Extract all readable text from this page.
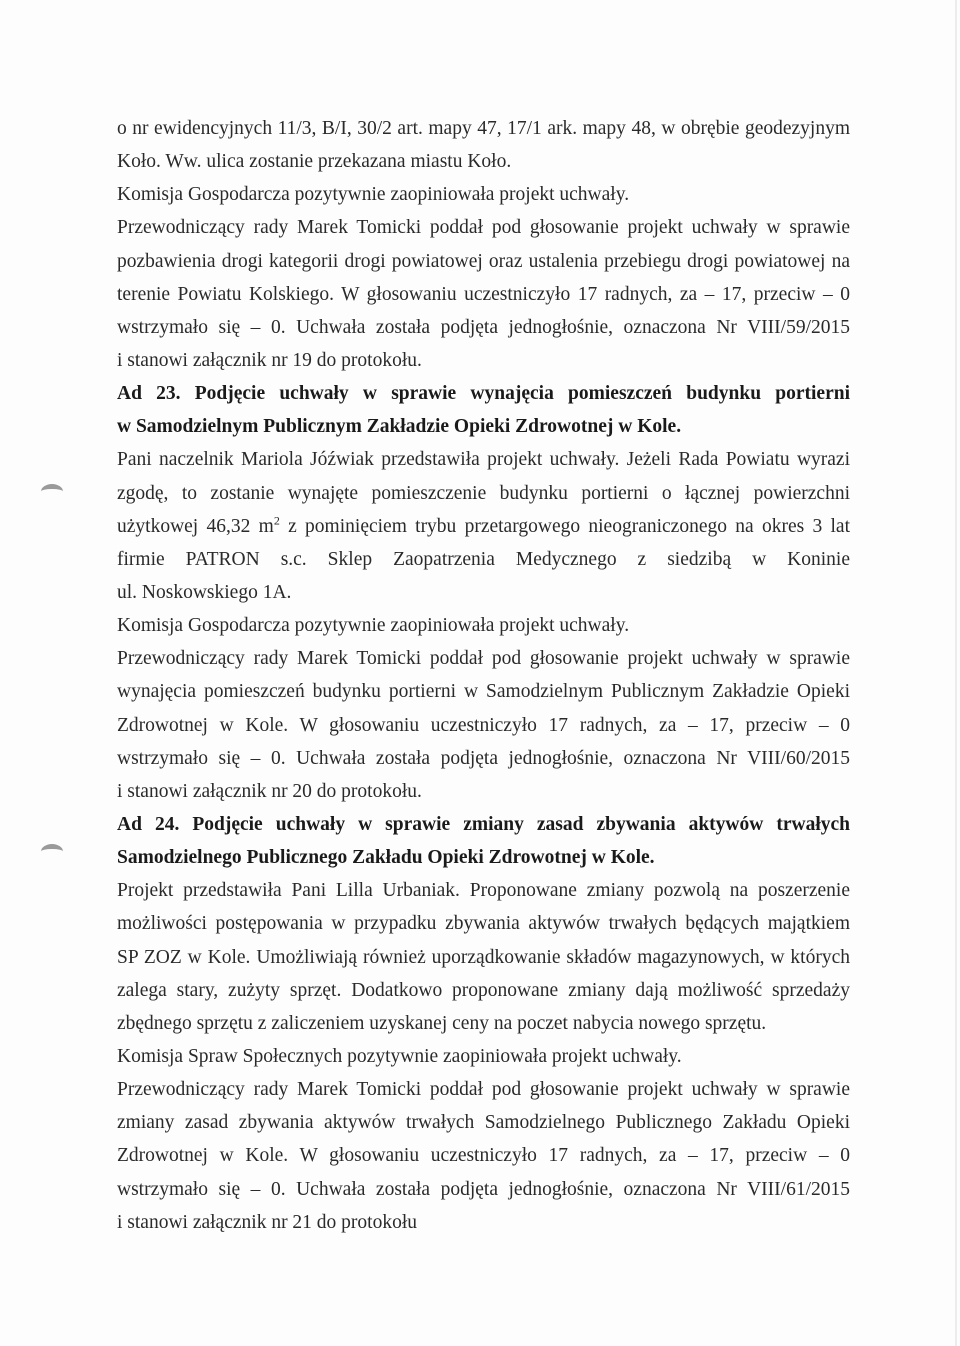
o nr ewidencyjnych 11/3, B/I, 30/2 art. mapy 47, 17/1 ark. mapy 48, w obrębie geodezyjnym
Koło. Ww. ulica zostanie przekazana miastu Koło.
Komisja Gospodarcza pozytywnie zaopiniowała projekt uchwały.
Przewodniczący rady Marek Tomicki poddał pod głosowanie projekt uchwały w sprawie
pozbawienia drogi kategorii drogi powiatowej oraz ustalenia przebiegu drogi powiatowej na
terenie Powiatu Kolskiego. W głosowaniu uczestniczyło 17 radnych, za – 17, przeciw – 0
wstrzymało się – 0. Uchwała została podjęta jednogłośnie, oznaczona Nr VIII/59/2015
i stanowi załącznik nr 19 do protokołu.
Ad 23. Podjęcie uchwały w sprawie wynajęcia pomieszczeń budynku portierni
w Samodzielnym Publicznym Zakładzie Opieki Zdrowotnej w Kole.
Pani naczelnik Mariola Jóźwiak przedstawiła projekt uchwały. Jeżeli Rada Powiatu wyrazi
zgodę, to zostanie wynajęte pomieszczenie budynku portierni o łącznej powierzchni
użytkowej 46,32 $m^2$ z pominięciem trybu przetargowego nieograniczonego na okres 3 lat
firmie PATRON s.c. Sklep Zaopatrzenia Medycznego z siedzibą w Koninie
ul. Noskowskiego 1A.
Komisja Gospodarcza pozytywnie zaopiniowała projekt uchwały.
Przewodniczący rady Marek Tomicki poddał pod głosowanie projekt uchwały w sprawie
wynajęcia pomieszczeń budynku portierni w Samodzielnym Publicznym Zakładzie Opieki
Zdrowotnej w Kole. W głosowaniu uczestniczyło 17 radnych, za – 17, przeciw – 0
wstrzymało się – 0. Uchwała została podjęta jednogłośnie, oznaczona Nr VIII/60/2015
i stanowi załącznik nr 20 do protokołu.
Ad 24. Podjęcie uchwały w sprawie zmiany zasad zbywania aktywów trwałych
Samodzielnego Publicznego Zakładu Opieki Zdrowotnej w Kole.
Projekt przedstawiła Pani Lilla Urbaniak. Proponowane zmiany pozwolą na poszerzenie
możliwości postępowania w przypadku zbywania aktywów trwałych będących majątkiem
SP ZOZ w Kole. Umożliwiają również uporządkowanie składów magazynowych, w których
zalega stary, zużyty sprzęt. Dodatkowo proponowane zmiany dają możliwość sprzedaży
zbędnego sprzętu z zaliczeniem uzyskanej ceny na poczet nabycia nowego sprzętu.
Komisja Spraw Społecznych pozytywnie zaopiniowała projekt uchwały.
Przewodniczący rady Marek Tomicki poddał pod głosowanie projekt uchwały w sprawie
zmiany zasad zbywania aktywów trwałych Samodzielnego Publicznego Zakładu Opieki
Zdrowotnej w Kole. W głosowaniu uczestniczyło 17 radnych, za – 17, przeciw – 0
wstrzymało się – 0. Uchwała została podjęta jednogłośnie, oznaczona Nr VIII/61/2015
i stanowi załącznik nr 21 do protokołu
